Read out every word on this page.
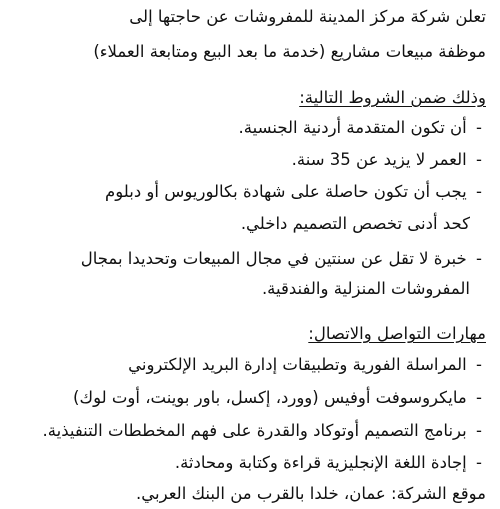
تعلن شركة مركز المدينة للمفروشات عن حاجتها إلى
موظفة مبيعات مشاريع (خدمة ما بعد البيع ومتابعة العملاء)
وذلك ضمن الشروط التالية:
- أن تكون المتقدمة أردنية الجنسية.
- العمر لا يزيد عن 35 سنة.
- يجب أن تكون حاصلة على شهادة بكالوريوس أو دبلوم
كحد أدنى تخصص التصميم داخلي.
- خبرة لا تقل عن سنتين في مجال المبيعات وتحديدا بمجال
المفروشات المنزلية والفندقية.
مهارات التواصل والاتصال:
- المراسلة الفورية وتطبيقات إدارة البريد الإلكتروني
- مايكروسوفت أوفيس (وورد، إكسل، باور بوينت، أوت لوك)
- برنامج التصميم أوتوكاد والقدرة على فهم المخططات التنفيذية.
- إجادة اللغة الإنجليزية قراءة وكتابة ومحادثة.
موقع الشركة: عمان، خلدا بالقرب من البنك العربي.
